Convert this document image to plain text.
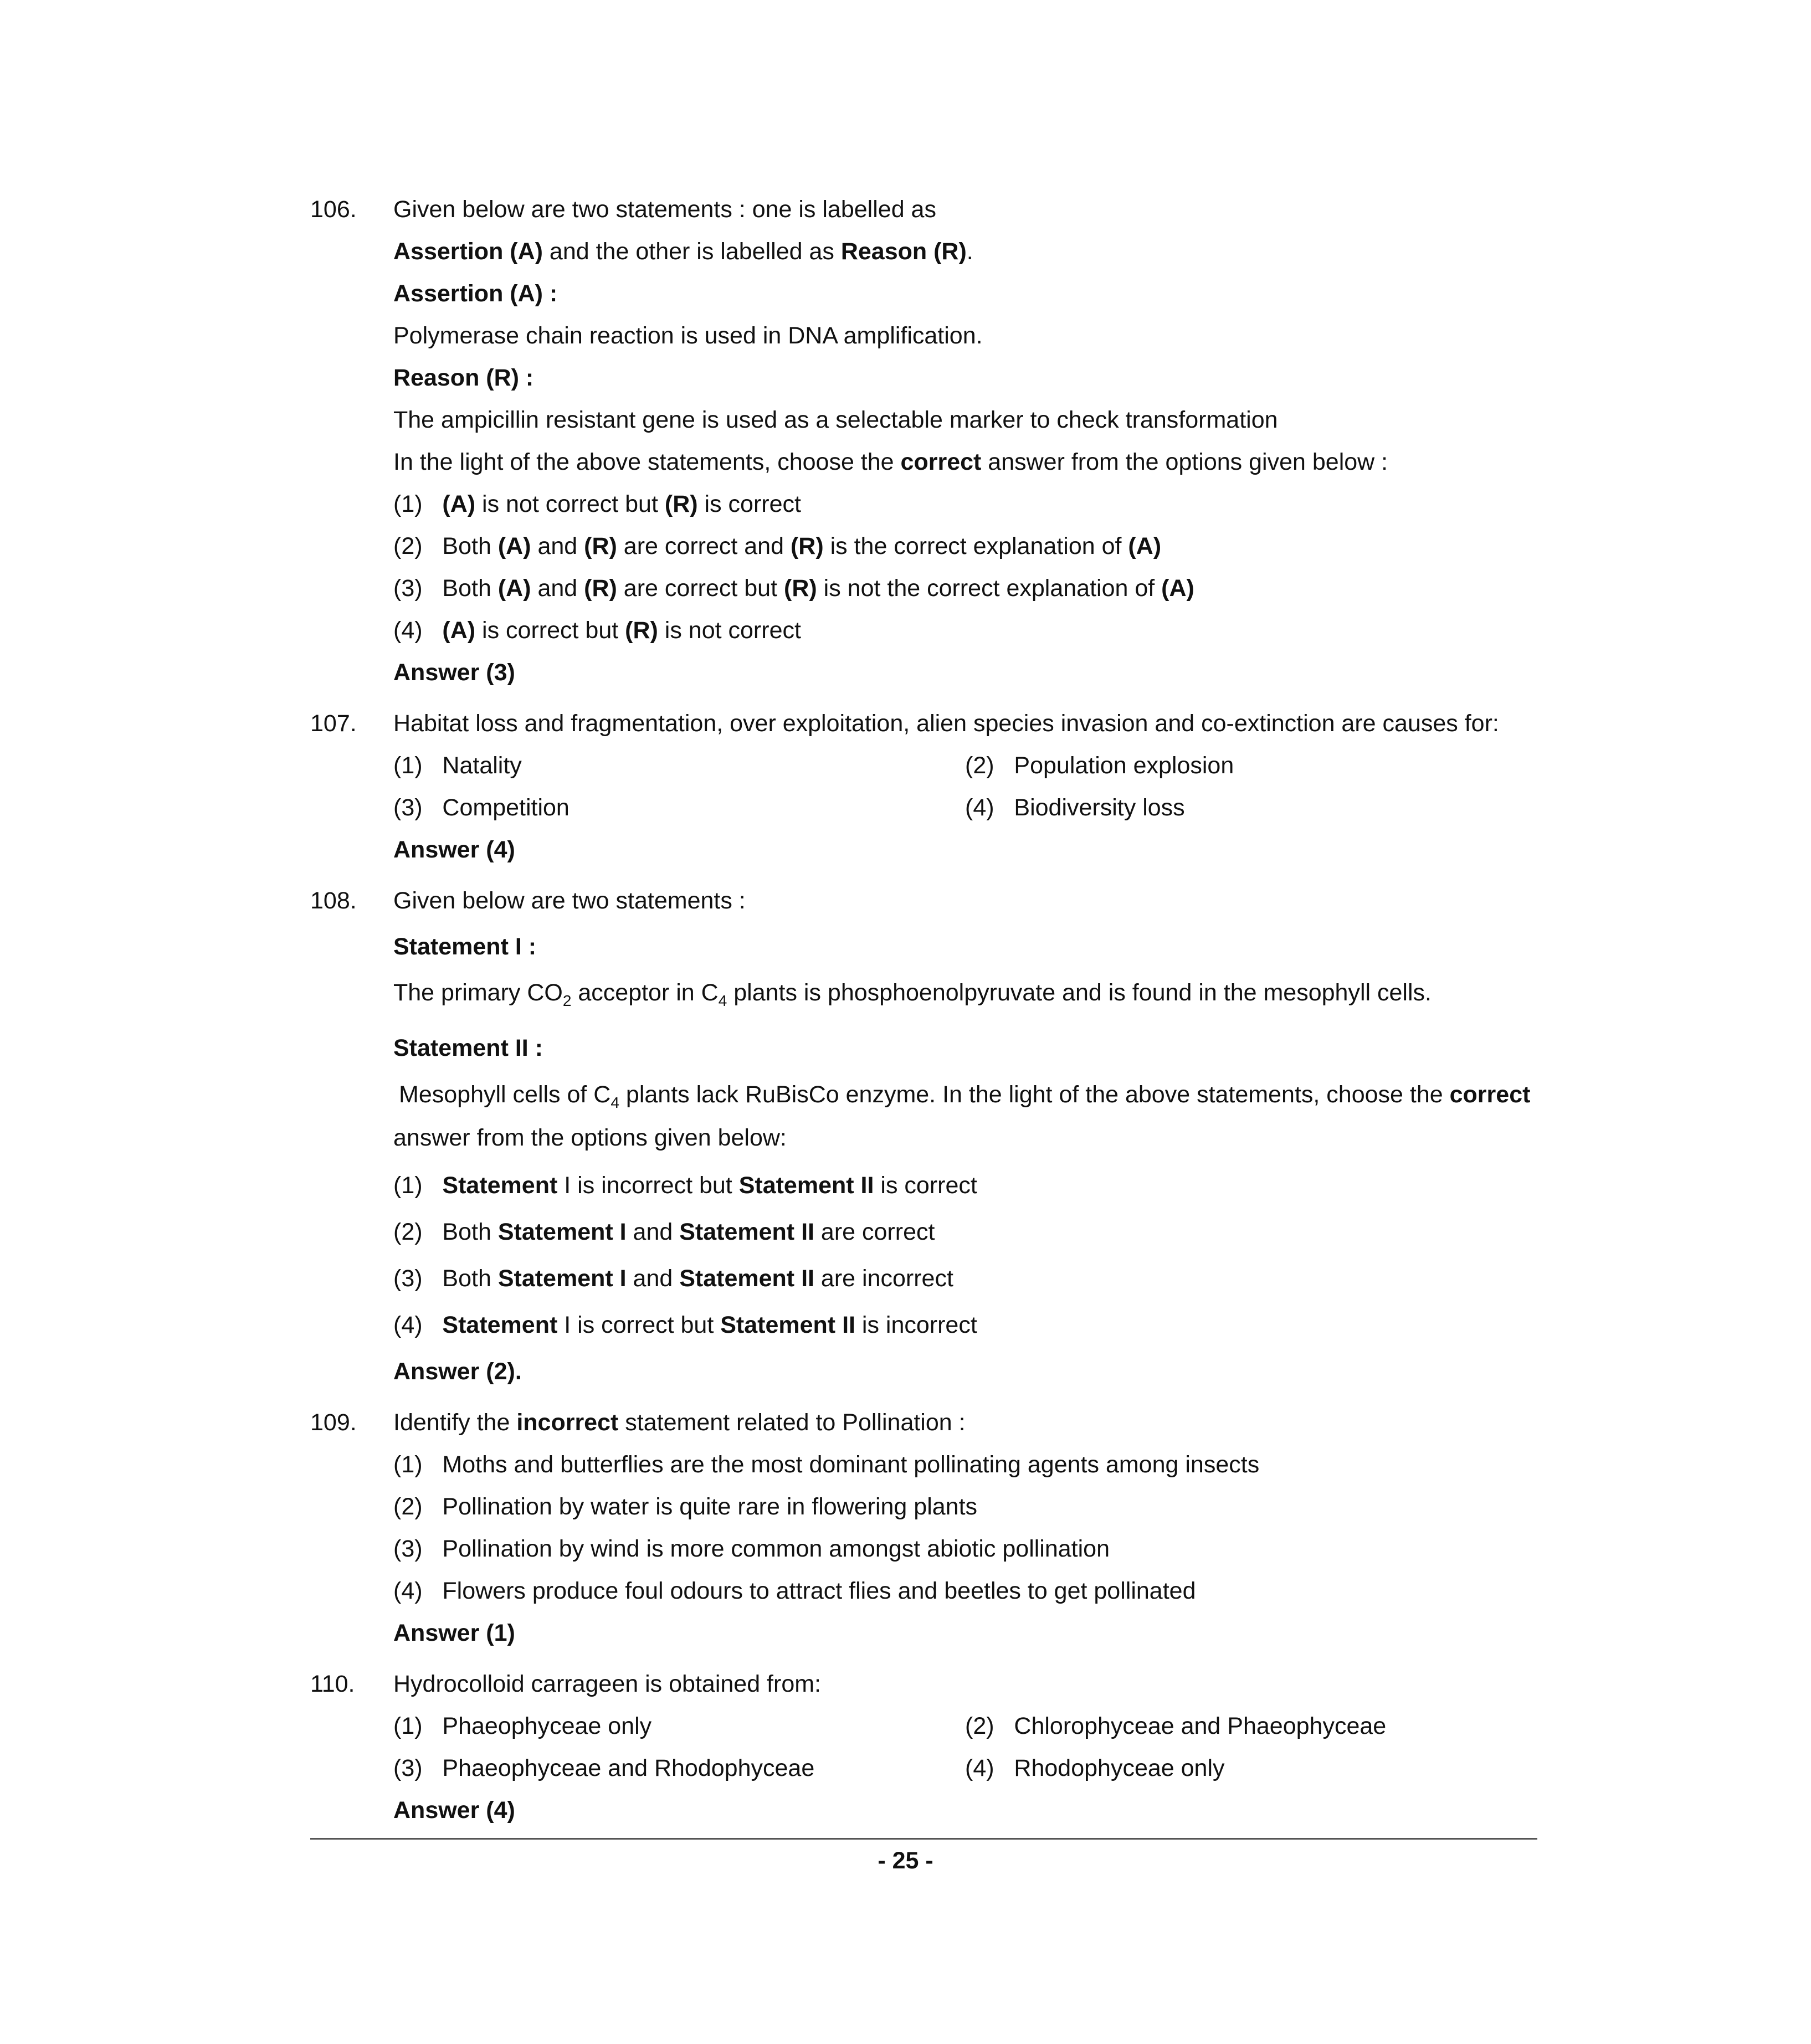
106. Given below are two statements : one is labelled as
Assertion (A) and the other is labelled as Reason (R).
Assertion (A) :
Polymerase chain reaction is used in DNA amplification.
Reason (R) :
The ampicillin resistant gene is used as a selectable marker to check transformation
In the light of the above statements, choose the correct answer from the options given below :
(1) (A) is not correct but (R) is correct
(2) Both (A) and (R) are correct and (R) is the correct explanation of (A)
(3) Both (A) and (R) are correct but (R) is not the correct explanation of (A)
(4) (A) is correct but (R) is not correct
Answer (3)
107. Habitat loss and fragmentation, over exploitation, alien species invasion and co-extinction are causes for:
(1) Natality	(2) Population explosion
(3) Competition	(4) Biodiversity loss
Answer (4)
108. Given below are two statements :
Statement I :
The primary $CO_2$ acceptor in $C_4$ plants is phosphoenolpyruvate and is found in the mesophyll cells.
Statement II :
Mesophyll cells of $C_4$ plants lack RuBisCo enzyme. In the light of the above statements, choose the correct
answer from the options given below:
(1) Statement I is incorrect but Statement II is correct
(2) Both Statement I and Statement II are correct
(3) Both Statement I and Statement II are incorrect
(4) Statement I is correct but Statement II is incorrect
Answer (2).
109. Identify the incorrect statement related to Pollination :
(1) Moths and butterflies are the most dominant pollinating agents among insects
(2) Pollination by water is quite rare in flowering plants
(3) Pollination by wind is more common amongst abiotic pollination
(4) Flowers produce foul odours to attract flies and beetles to get pollinated
Answer (1)
110. Hydrocolloid carrageen is obtained from:
(1) Phaeophyceae only	(2) Chlorophyceae and Phaeophyceae
(3) Phaeophyceae and Rhodophyceae	(4) Rhodophyceae only
Answer (4)
- 25 -
